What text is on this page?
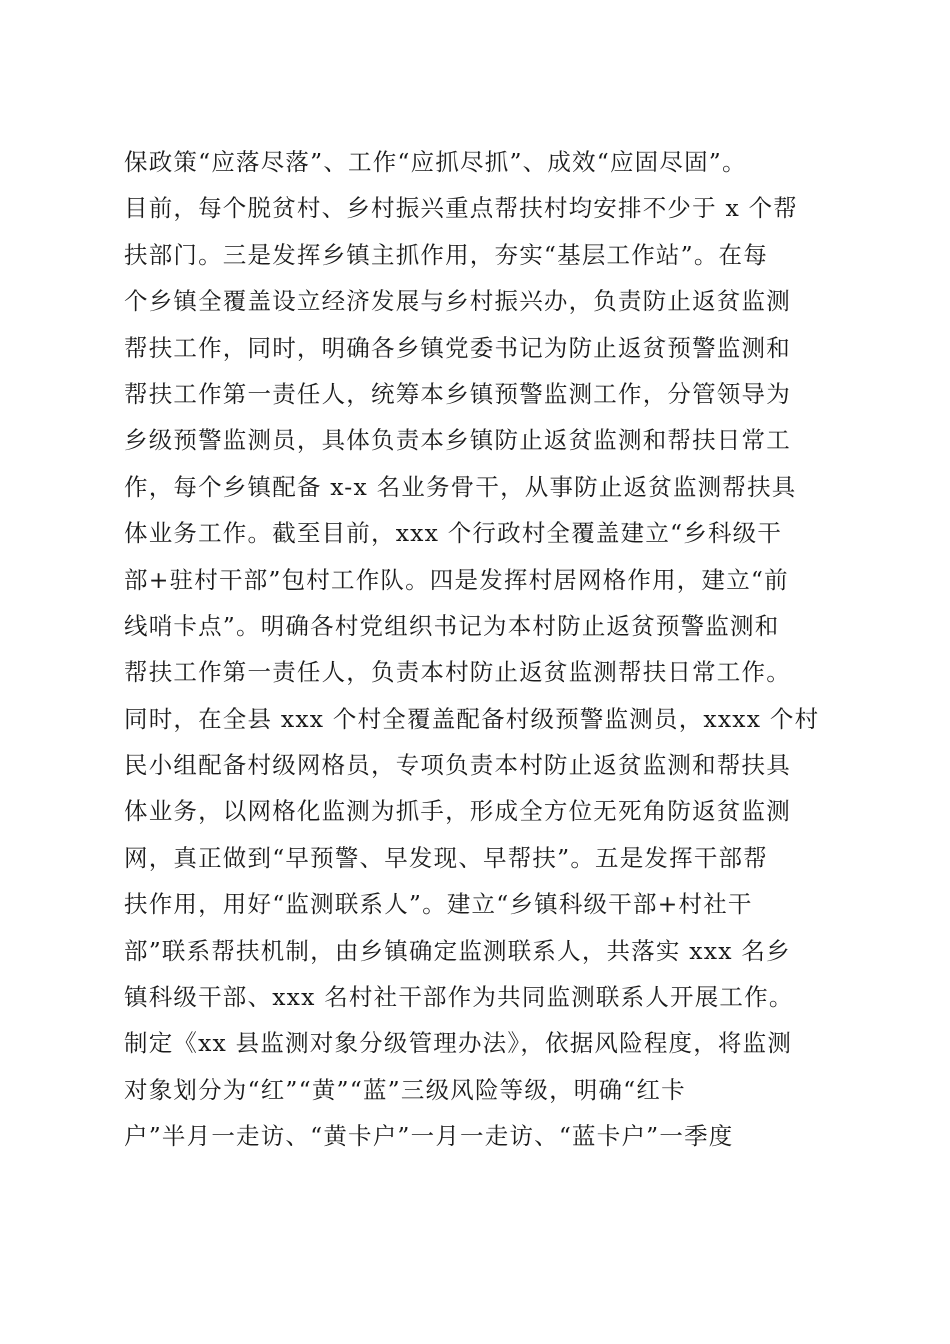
保政策“应落尽落”、工作“应抓尽抓”、成效“应固尽固”。
目前，每个脱贫村、乡村振兴重点帮扶村均安排不少于 x 个帮
扶部门。三是发挥乡镇主抓作用，夯实“基层工作站”。在每
个乡镇全覆盖设立经济发展与乡村振兴办，负责防止返贫监测
帮扶工作，同时，明确各乡镇党委书记为防止返贫预警监测和
帮扶工作第一责任人，统筹本乡镇预警监测工作，分管领导为
乡级预警监测员，具体负责本乡镇防止返贫监测和帮扶日常工
作，每个乡镇配备 x-x 名业务骨干，从事防止返贫监测帮扶具
体业务工作。截至目前，xxx 个行政村全覆盖建立“乡科级干
部+驻村干部”包村工作队。四是发挥村居网格作用，建立“前
线哨卡点”。明确各村党组织书记为本村防止返贫预警监测和
帮扶工作第一责任人，负责本村防止返贫监测帮扶日常工作。
同时，在全县 xxx 个村全覆盖配备村级预警监测员，xxxx 个村
民小组配备村级网格员，专项负责本村防止返贫监测和帮扶具
体业务，以网格化监测为抓手，形成全方位无死角防返贫监测
网，真正做到“早预警、早发现、早帮扶”。五是发挥干部帮
扶作用，用好“监测联系人”。建立“乡镇科级干部+村社干
部”联系帮扶机制，由乡镇确定监测联系人，共落实 xxx 名乡
镇科级干部、xxx 名村社干部作为共同监测联系人开展工作。
制定《xx 县监测对象分级管理办法》，依据风险程度，将监测
对象划分为“红”“黄”“蓝”三级风险等级，明确“红卡
户”半月一走访、“黄卡户”一月一走访、“蓝卡户”一季度
